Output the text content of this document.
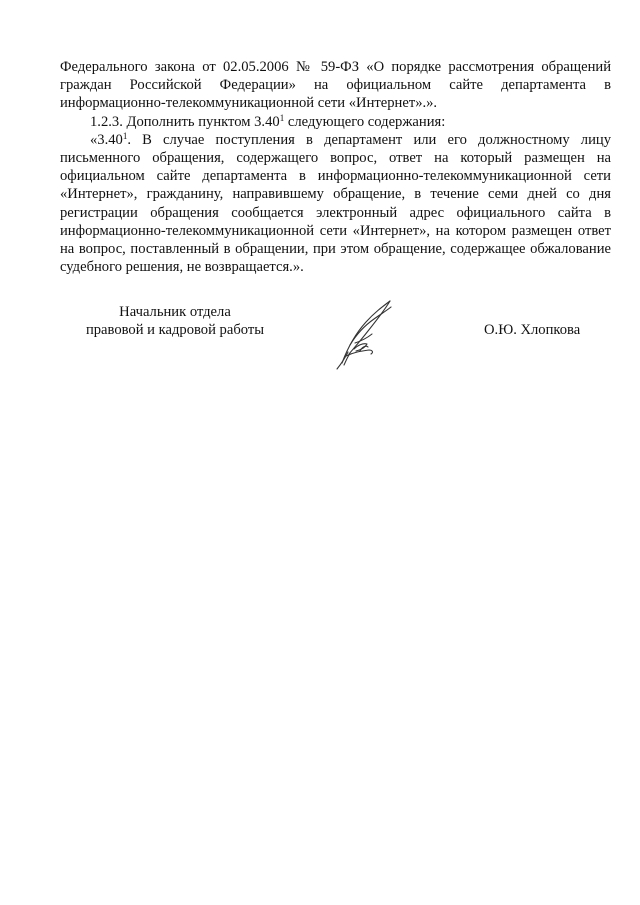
Федерального закона от 02.05.2006 № 59-ФЗ «О порядке рассмотрения обращений граждан Российской Федерации» на официальном сайте департамента в информационно-телекоммуникационной сети «Интернет».».

1.2.3. Дополнить пунктом 3.40$^1$ следующего содержания:

«3.40$^1$. В случае поступления в департамент или его должностному лицу письменного обращения, содержащего вопрос, ответ на который размещен на официальном сайте департамента в информационно-телекоммуникационной сети «Интернет», гражданину, направившему обращение, в течение семи дней со дня регистрации обращения сообщается электронный адрес официального сайта в информационно-телекоммуникационной сети «Интернет», на котором размещен ответ на вопрос, поставленный в обращении, при этом обращение, содержащее обжалование судебного решения, не возвращается.».

Начальник отдела
правовой и кадровой работы	О.Ю. Хлопкова
